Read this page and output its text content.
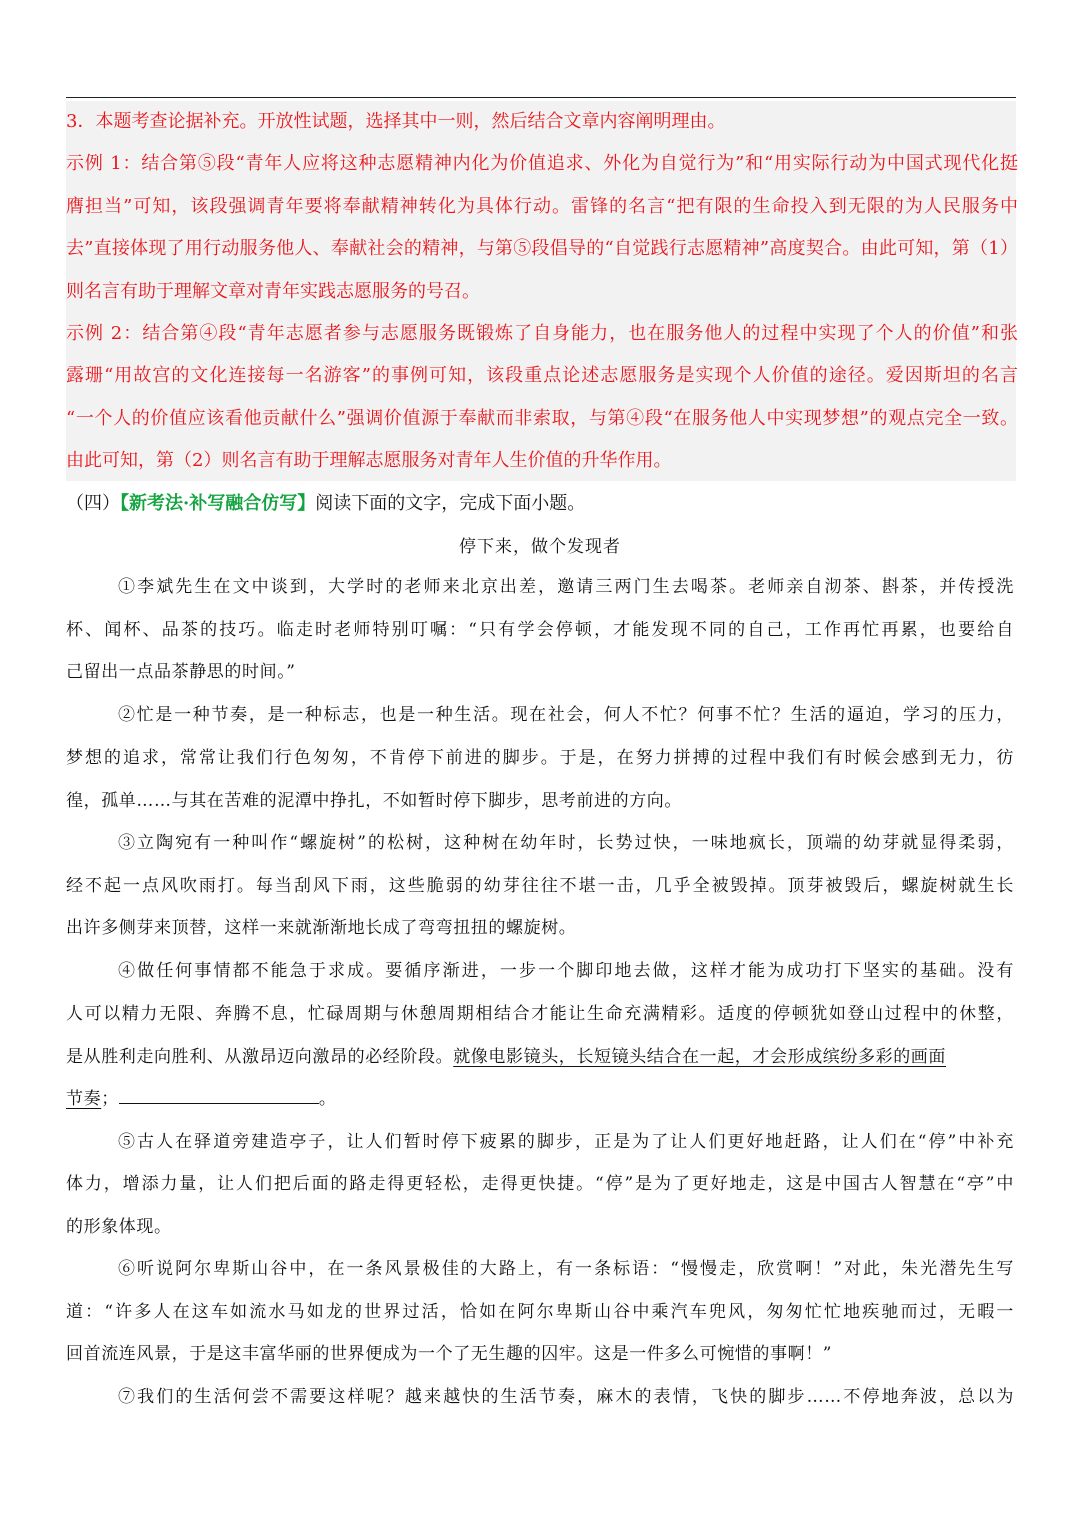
3．本题考查论据补充。开放性试题，选择其中一则，然后结合文章内容阐明理由。
示例 1：结合第⑤段“青年人应将这种志愿精神内化为价值追求、外化为自觉行为”和“用实际行动为中国式现代化挺
膺担当”可知，该段强调青年要将奉献精神转化为具体行动。雷锋的名言“把有限的生命投入到无限的为人民服务中
去”直接体现了用行动服务他人、奉献社会的精神，与第⑤段倡导的“自觉践行志愿精神”高度契合。由此可知，第（1）
则名言有助于理解文章对青年实践志愿服务的号召。
示例 2：结合第④段“青年志愿者参与志愿服务既锻炼了自身能力，也在服务他人的过程中实现了个人的价值”和张
露珊“用故宫的文化连接每一名游客”的事例可知，该段重点论述志愿服务是实现个人价值的途径。爱因斯坦的名言
“一个人的价值应该看他贡献什么”强调价值源于奉献而非索取，与第④段“在服务他人中实现梦想”的观点完全一致。
由此可知，第（2）则名言有助于理解志愿服务对青年人生价值的升华作用。
（四）【新考法·补写融合仿写】阅读下面的文字，完成下面小题。
停下来，做个发现者
①李斌先生在文中谈到，大学时的老师来北京出差，邀请三两门生去喝茶。老师亲自沏茶、斟茶，并传授洗
杯、闻杯、品茶的技巧。临走时老师特别叮嘱：“只有学会停顿，才能发现不同的自己，工作再忙再累，也要给自
己留出一点品茶静思的时间。”
②忙是一种节奏，是一种标志，也是一种生活。现在社会，何人不忙？何事不忙？生活的逼迫，学习的压力，
梦想的追求，常常让我们行色匆匆，不肯停下前进的脚步。于是，在努力拼搏的过程中我们有时候会感到无力，彷
徨，孤单……与其在苦难的泥潭中挣扎，不如暂时停下脚步，思考前进的方向。
③立陶宛有一种叫作“螺旋树”的松树，这种树在幼年时，长势过快，一味地疯长，顶端的幼芽就显得柔弱，
经不起一点风吹雨打。每当刮风下雨，这些脆弱的幼芽往往不堪一击，几乎全被毁掉。顶芽被毁后，螺旋树就生长
出许多侧芽来顶替，这样一来就渐渐地长成了弯弯扭扭的螺旋树。
④做任何事情都不能急于求成。要循序渐进，一步一个脚印地去做，这样才能为成功打下坚实的基础。没有
人可以精力无限、奔腾不息，忙碌周期与休憩周期相结合才能让生命充满精彩。适度的停顿犹如登山过程中的休整，
是从胜利走向胜利、从激昂迈向激昂的必经阶段。就像电影镜头，长短镜头结合在一起，才会形成缤纷多彩的画面
节奏；	。
⑤古人在驿道旁建造亭子，让人们暂时停下疲累的脚步，正是为了让人们更好地赶路，让人们在“停”中补充
体力，增添力量，让人们把后面的路走得更轻松，走得更快捷。“停”是为了更好地走，这是中国古人智慧在“亭”中
的形象体现。
⑥听说阿尔卑斯山谷中，在一条风景极佳的大路上，有一条标语：“慢慢走，欣赏啊！”对此，朱光潜先生写
道：“许多人在这车如流水马如龙的世界过活，恰如在阿尔卑斯山谷中乘汽车兜风，匆匆忙忙地疾驰而过，无暇一
回首流连风景，于是这丰富华丽的世界便成为一个了无生趣的囚牢。这是一件多么可惋惜的事啊！”
⑦我们的生活何尝不需要这样呢？越来越快的生活节奏，麻木的表情，飞快的脚步……不停地奔波，总以为
